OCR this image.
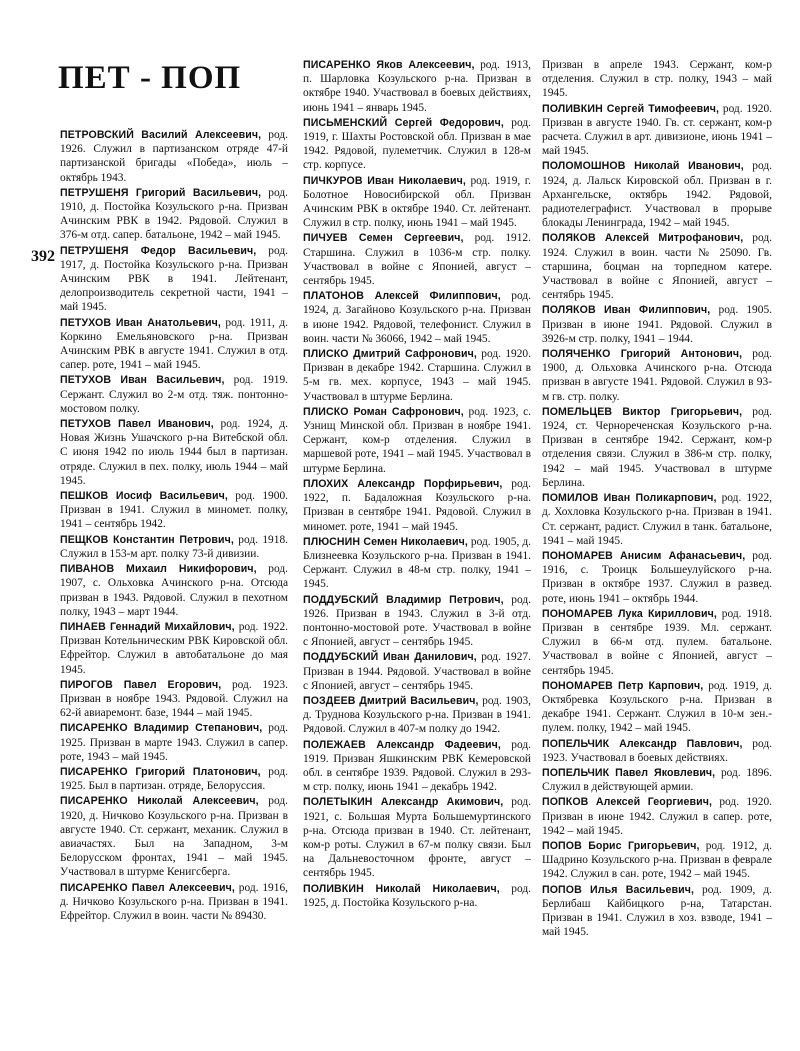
ПЕТ - ПОП
392

ПЕТРОВСКИЙ Василий Алексеевич, род. 1926. Служил в партизанском отряде 47-й партизанской бригады «Победа», июль – октябрь 1943.

ПЕТРУШЕНЯ Григорий Васильевич, род. 1910, д. Постойка Козульского р-на. Призван Ачинским РВК в 1942. Рядовой. Служил в 376-м отд. сапер. батальоне, 1942 – май 1945.

ПЕТРУШЕНЯ Федор Васильевич, род. 1917, д. Постойка Козульского р-на. Призван Ачинским РВК в 1941. Лейтенант, делопроизводитель секретной части, 1941 – май 1945.

ПЕТУХОВ Иван Анатольевич, род. 1911, д. Коркино Емельяновского р-на. Призван Ачинским РВК в августе 1941. Служил в отд. сапер. роте, 1941 – май 1945.

ПЕТУХОВ Иван Васильевич, род. 1919. Сержант. Служил во 2-м отд. тяж. понтонно-мостовом полку.

ПЕТУХОВ Павел Иванович, род. 1924, д. Новая Жизнь Ушачского р-на Витебской обл. С июня 1942 по июль 1944 был в партизан. отряде. Служил в пех. полку, июль 1944 – май 1945.

ПЕШКОВ Иосиф Васильевич, род. 1900. Призван в 1941. Служил в миномет. полку, 1941 – сентябрь 1942.

ПЕЩКОВ Константин Петрович, род. 1918. Служил в 153-м арт. полку 73-й дивизии.

ПИВАНОВ Михаил Никифорович, род. 1907, с. Ольховка Ачинского р-на. Отсюда призван в 1943. Рядовой. Служил в пехотном полку, 1943 – март 1944.

ПИНАЕВ Геннадий Михайлович, род. 1922. Призван Котельническим РВК Кировской обл. Ефрейтор. Служил в автобатальоне до мая 1945.

ПИРОГОВ Павел Егорович, род. 1923. Призван в ноябре 1943. Рядовой. Служил на 62-й авиаремонт. базе, 1944 – май 1945.

ПИСАРЕНКО Владимир Степанович, род. 1925. Призван в марте 1943. Служил в сапер. роте, 1943 – май 1945.

ПИСАРЕНКО Григорий Платонович, род. 1925. Был в партизан. отряде, Белоруссия.

ПИСАРЕНКО Николай Алексеевич, род. 1920, д. Ничково Козульского р-на. Призван в августе 1940. Ст. сержант, механик. Служил в авиачастях. Был на Западном, 3-м Белорусском фронтах, 1941 – май 1945. Участвовал в штурме Кенигсберга.

ПИСАРЕНКО Павел Алексеевич, род. 1916, д. Ничково Козульского р-на. Призван в 1941. Ефрейтор. Служил в воин. части № 89430.

ПИСАРЕНКО Яков Алексеевич, род. 1913, п. Шарловка Козульского р-на. Призван в октябре 1940. Участвовал в боевых действиях, июнь 1941 – январь 1945.

ПИСЬМЕНСКИЙ Сергей Федорович, род. 1919, г. Шахты Ростовской обл. Призван в мае 1942. Рядовой, пулеметчик. Служил в 128-м стр. корпусе.

ПИЧКУРОВ Иван Николаевич, род. 1919, г. Болотное Новосибирской обл. Призван Ачинским РВК в октябре 1940. Ст. лейтенант. Служил в стр. полку, июнь 1941 – май 1945.

ПИЧУЕВ Семен Сергеевич, род. 1912. Старшина. Служил в 1036-м стр. полку. Участвовал в войне с Японией, август – сентябрь 1945.

ПЛАТОНОВ Алексей Филиппович, род. 1924, д. Загайново Козульского р-на. Призван в июне 1942. Рядовой, телефонист. Служил в воин. части № 36066, 1942 – май 1945.

ПЛИСКО Дмитрий Сафронович, род. 1920. Призван в декабре 1942. Старшина. Служил в 5-м гв. мех. корпусе, 1943 – май 1945. Участвовал в штурме Берлина.

ПЛИСКО Роман Сафронович, род. 1923, с. Узнищ Минской обл. Призван в ноябре 1941. Сержант, ком-р отделения. Служил в маршевой роте, 1941 – май 1945. Участвовал в штурме Берлина.

ПЛОХИХ Александр Порфирьевич, род. 1922, п. Бадаложная Козульского р-на. Призван в сентябре 1941. Рядовой. Служил в миномет. роте, 1941 – май 1945.

ПЛЮСНИН Семен Николаевич, род. 1905, д. Близнеевка Козульского р-на. Призван в 1941. Сержант. Служил в 48-м стр. полку, 1941 – 1945.

ПОДДУБСКИЙ Владимир Петрович, род. 1926. Призван в 1943. Служил в 3-й отд. понтонно-мостовой роте. Участвовал в войне с Японией, август – сентябрь 1945.

ПОДДУБСКИЙ Иван Данилович, род. 1927. Призван в 1944. Рядовой. Участвовал в войне с Японией, август – сентябрь 1945.

ПОЗДЕЕВ Дмитрий Васильевич, род. 1903, д. Труднова Козульского р-на. Призван в 1941. Рядовой. Служил в 407-м полку до 1942.

ПОЛЕЖАЕВ Александр Фадеевич, род. 1919. Призван Яшкинским РВК Кемеровской обл. в сентябре 1939. Рядовой. Служил в 293-м стр. полку, июнь 1941 – декабрь 1942.

ПОЛЕТЫКИН Александр Акимович, род. 1921, с. Большая Мурта Большемуртинского р-на. Отсюда призван в 1940. Ст. лейтенант, ком-р роты. Служил в 67-м полку связи. Был на Дальневосточном фронте, август – сентябрь 1945.

ПОЛИВКИН Николай Николаевич, род. 1925, д. Постойка Козульского р-на.

Призван в апреле 1943. Сержант, ком-р отделения. Служил в стр. полку, 1943 – май 1945.

ПОЛИВКИН Сергей Тимофеевич, род. 1920. Призван в августе 1940. Гв. ст. сержант, ком-р расчета. Служил в арт. дивизионе, июнь 1941 – май 1945.

ПОЛОМОШНОВ Николай Иванович, род. 1924, д. Лальск Кировской обл. Призван в г. Архангельске, октябрь 1942. Рядовой, радиотелеграфист. Участвовал в прорыве блокады Ленинграда, 1942 – май 1945.

ПОЛЯКОВ Алексей Митрофанович, род. 1924. Служил в воин. части № 25090. Гв. старшина, боцман на торпедном катере. Участвовал в войне с Японией, август – сентябрь 1945.

ПОЛЯКОВ Иван Филиппович, род. 1905. Призван в июне 1941. Рядовой. Служил в 3926-м стр. полку, 1941 – 1944.

ПОЛЯЧЕНКО Григорий Антонович, род. 1900, д. Ольховка Ачинского р-на. Отсюда призван в августе 1941. Рядовой. Служил в 93-м гв. стр. полку.

ПОМЕЛЬЦЕВ Виктор Григорьевич, род. 1924, ст. Чернореченская Козульского р-на. Призван в сентябре 1942. Сержант, ком-р отделения связи. Служил в 386-м стр. полку, 1942 – май 1945. Участвовал в штурме Берлина.

ПОМИЛОВ Иван Поликарпович, род. 1922, д. Хохловка Козульского р-на. Призван в 1941. Ст. сержант, радист. Служил в танк. батальоне, 1941 – май 1945.

ПОНОМАРЕВ Анисим Афанасьевич, род. 1916, с. Троицк Большеулуйского р-на. Призван в октябре 1937. Служил в развед. роте, июнь 1941 – октябрь 1944.

ПОНОМАРЕВ Лука Кириллович, род. 1918. Призван в сентябре 1939. Мл. сержант. Служил в 66-м отд. пулем. батальоне. Участвовал в войне с Японией, август – сентябрь 1945.

ПОНОМАРЕВ Петр Карпович, род. 1919, д. Октябревка Козульского р-на. Призван в декабре 1941. Сержант. Служил в 10-м зен.-пулем. полку, 1942 – май 1945.

ПОПЕЛЬЧИК Александр Павлович, род. 1923. Участвовал в боевых действиях.

ПОПЕЛЬЧИК Павел Яковлевич, род. 1896. Служил в действующей армии.

ПОПКОВ Алексей Георгиевич, род. 1920. Призван в июне 1942. Служил в сапер. роте, 1942 – май 1945.

ПОПОВ Борис Григорьевич, род. 1912, д. Шадрино Козульского р-на. Призван в феврале 1942. Служил в сан. роте, 1942 – май 1945.

ПОПОВ Илья Васильевич, род. 1909, д. Берлибаш Кайбицкого р-на, Татарстан. Призван в 1941. Служил в хоз. взводе, 1941 – май 1945.
